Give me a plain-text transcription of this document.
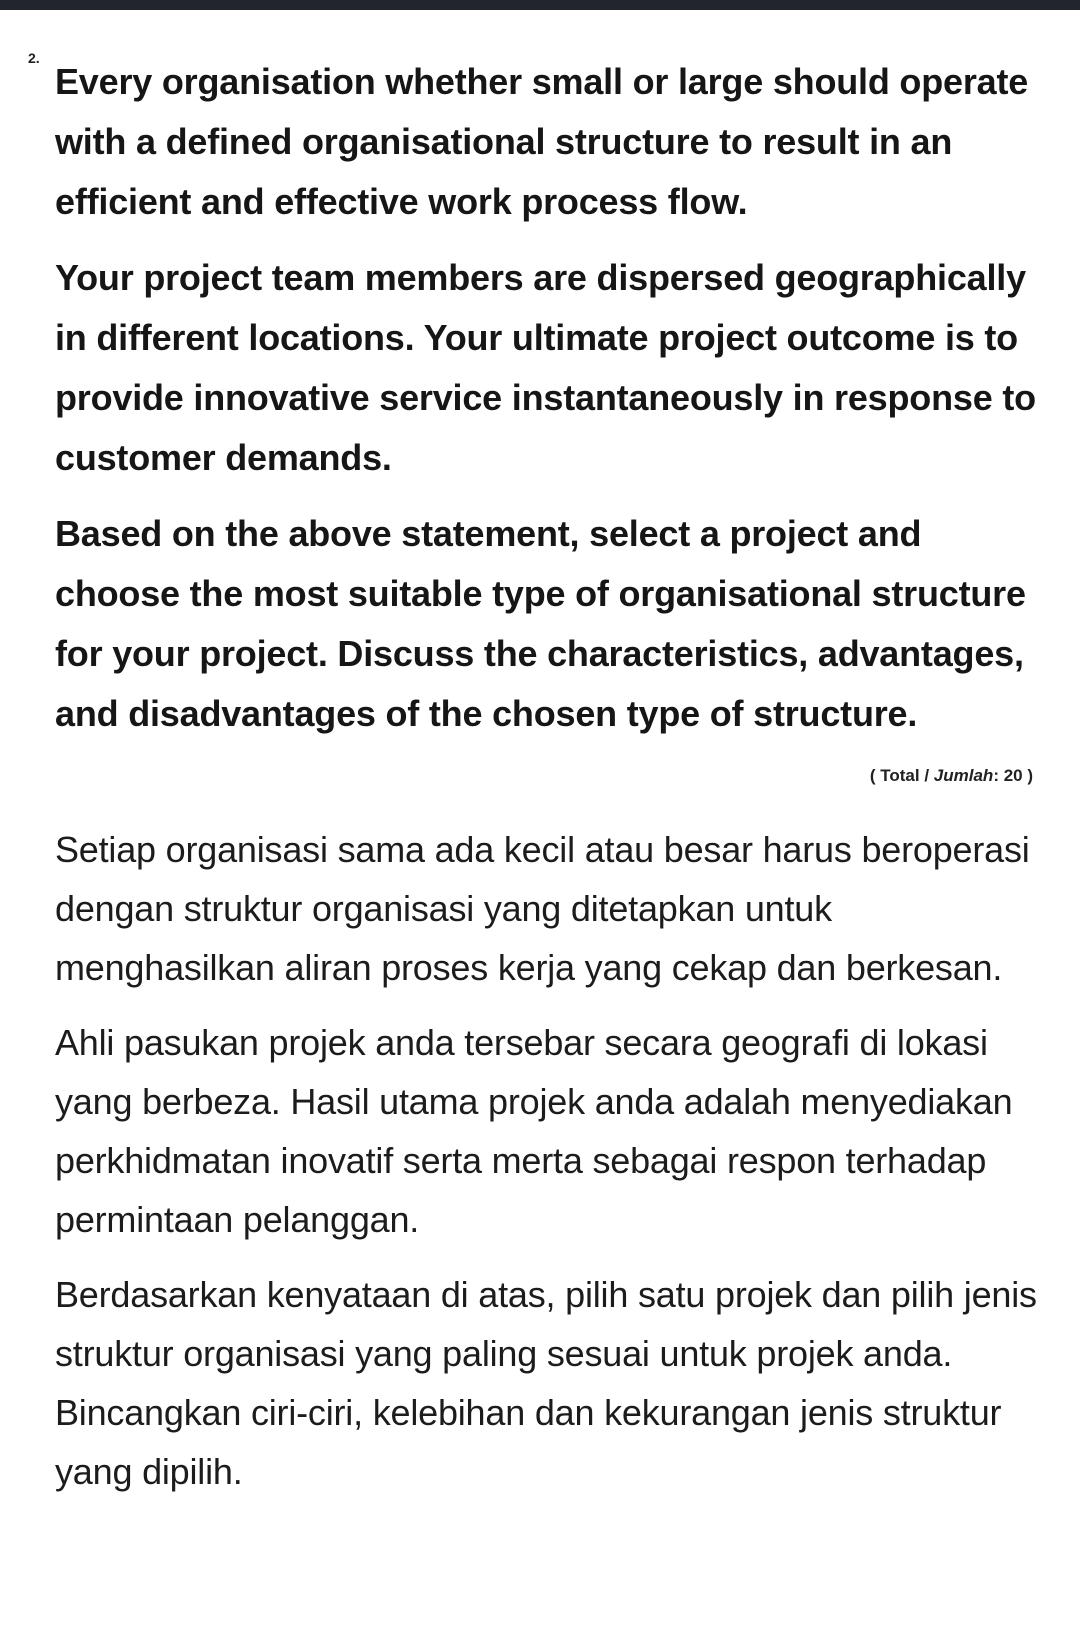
2.

Every organisation whether small or large should operate with a defined organisational structure to result in an efficient and effective work process flow.

Your project team members are dispersed geographically in different locations. Your ultimate project outcome is to provide innovative service instantaneously in response to customer demands.

Based on the above statement, select a project and choose the most suitable type of organisational structure for your project. Discuss the characteristics, advantages, and disadvantages of the chosen type of structure.

( Total / Jumlah: 20 )

Setiap organisasi sama ada kecil atau besar harus beroperasi dengan struktur organisasi yang ditetapkan untuk menghasilkan aliran proses kerja yang cekap dan berkesan.

Ahli pasukan projek anda tersebar secara geografi di lokasi yang berbeza. Hasil utama projek anda adalah menyediakan perkhidmatan inovatif serta merta sebagai respon terhadap permintaan pelanggan.

Berdasarkan kenyataan di atas, pilih satu projek dan pilih jenis struktur organisasi yang paling sesuai untuk projek anda. Bincangkan ciri-ciri, kelebihan dan kekurangan jenis struktur yang dipilih.
